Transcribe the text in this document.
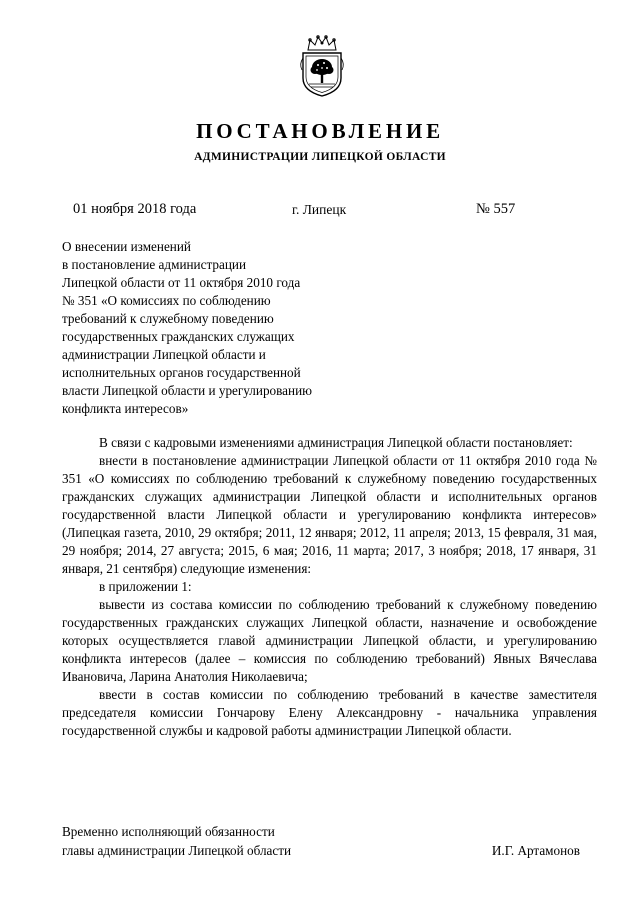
ПОСТАНОВЛЕНИЕ
АДМИНИСТРАЦИИ ЛИПЕЦКОЙ ОБЛАСТИ
01 ноября 2018 года	г. Липецк	№ 557
О внесении изменений
в постановление администрации
Липецкой области от 11 октября 2010 года
№ 351 «О комиссиях по соблюдению
требований к служебному поведению
государственных гражданских служащих
администрации Липецкой области и
исполнительных органов государственной
власти Липецкой области и урегулированию
конфликта интересов»

В связи с кадровыми изменениями администрация Липецкой области постановляет:

внести в постановление администрации Липецкой области от 11 октября 2010 года № 351 «О комиссиях по соблюдению требований к служебному поведению государственных гражданских служащих администрации Липецкой области и исполнительных органов государственной власти Липецкой области и урегулированию конфликта интересов» (Липецкая газета, 2010, 29 октября; 2011, 12 января; 2012, 11 апреля; 2013, 15 февраля, 31 мая, 29 ноября; 2014, 27 августа; 2015, 6 мая; 2016, 11 марта; 2017, 3 ноября; 2018, 17 января, 31 января, 21 сентября) следующие изменения:

в приложении 1:

вывести из состава комиссии по соблюдению требований к служебному поведению государственных гражданских служащих Липецкой области, назначение и освобождение которых осуществляется главой администрации Липецкой области, и урегулированию конфликта интересов (далее – комиссия по соблюдению требований) Явных Вячеслава Ивановича, Ларина Анатолия Николаевича;

ввести в состав комиссии по соблюдению требований в качестве заместителя председателя комиссии Гончарову Елену Александровну - начальника управления государственной службы и кадровой работы администрации Липецкой области.

Временно исполняющий обязанности
главы администрации Липецкой области	И.Г. Артамонов
